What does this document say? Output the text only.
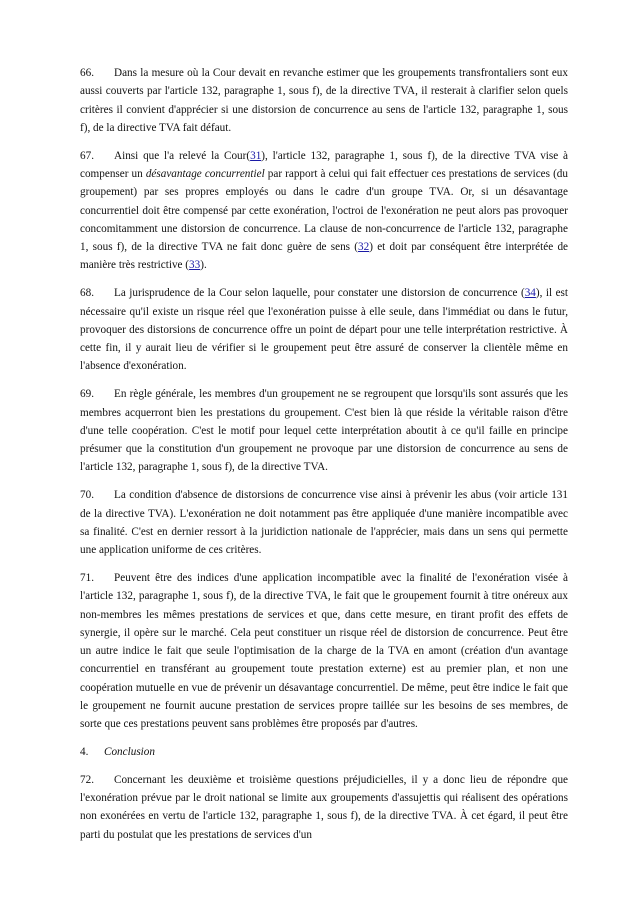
66. Dans la mesure où la Cour devait en revanche estimer que les groupements transfrontaliers sont eux aussi couverts par l'article 132, paragraphe 1, sous f), de la directive TVA, il resterait à clarifier selon quels critères il convient d'apprécier si une distorsion de concurrence au sens de l'article 132, paragraphe 1, sous f), de la directive TVA fait défaut.

67. Ainsi que l'a relevé la Cour(31), l'article 132, paragraphe 1, sous f), de la directive TVA vise à compenser un désavantage concurrentiel par rapport à celui qui fait effectuer ces prestations de services (du groupement) par ses propres employés ou dans le cadre d'un groupe TVA. Or, si un désavantage concurrentiel doit être compensé par cette exonération, l'octroi de l'exonération ne peut alors pas provoquer concomitamment une distorsion de concurrence. La clause de non-concurrence de l'article 132, paragraphe 1, sous f), de la directive TVA ne fait donc guère de sens (32) et doit par conséquent être interprétée de manière très restrictive (33).

68. La jurisprudence de la Cour selon laquelle, pour constater une distorsion de concurrence (34), il est nécessaire qu'il existe un risque réel que l'exonération puisse à elle seule, dans l'immédiat ou dans le futur, provoquer des distorsions de concurrence offre un point de départ pour une telle interprétation restrictive. À cette fin, il y aurait lieu de vérifier si le groupement peut être assuré de conserver la clientèle même en l'absence d'exonération.

69. En règle générale, les membres d'un groupement ne se regroupent que lorsqu'ils sont assurés que les membres acquerront bien les prestations du groupement. C'est bien là que réside la véritable raison d'être d'une telle coopération. C'est le motif pour lequel cette interprétation aboutit à ce qu'il faille en principe présumer que la constitution d'un groupement ne provoque par une distorsion de concurrence au sens de l'article 132, paragraphe 1, sous f), de la directive TVA.

70. La condition d'absence de distorsions de concurrence vise ainsi à prévenir les abus (voir article 131 de la directive TVA). L'exonération ne doit notamment pas être appliquée d'une manière incompatible avec sa finalité. C'est en dernier ressort à la juridiction nationale de l'apprécier, mais dans un sens qui permette une application uniforme de ces critères.

71. Peuvent être des indices d'une application incompatible avec la finalité de l'exonération visée à l'article 132, paragraphe 1, sous f), de la directive TVA, le fait que le groupement fournit à titre onéreux aux non-membres les mêmes prestations de services et que, dans cette mesure, en tirant profit des effets de synergie, il opère sur le marché. Cela peut constituer un risque réel de distorsion de concurrence. Peut être un autre indice le fait que seule l'optimisation de la charge de la TVA en amont (création d'un avantage concurrentiel en transférant au groupement toute prestation externe) est au premier plan, et non une coopération mutuelle en vue de prévenir un désavantage concurrentiel. De même, peut être indice le fait que le groupement ne fournit aucune prestation de services propre taillée sur les besoins de ses membres, de sorte que ces prestations peuvent sans problèmes être proposés par d'autres.

4. Conclusion

72. Concernant les deuxième et troisième questions préjudicielles, il y a donc lieu de répondre que l'exonération prévue par le droit national se limite aux groupements d'assujettis qui réalisent des opérations non exonérées en vertu de l'article 132, paragraphe 1, sous f), de la directive TVA. À cet égard, il peut être parti du postulat que les prestations de services d'un
